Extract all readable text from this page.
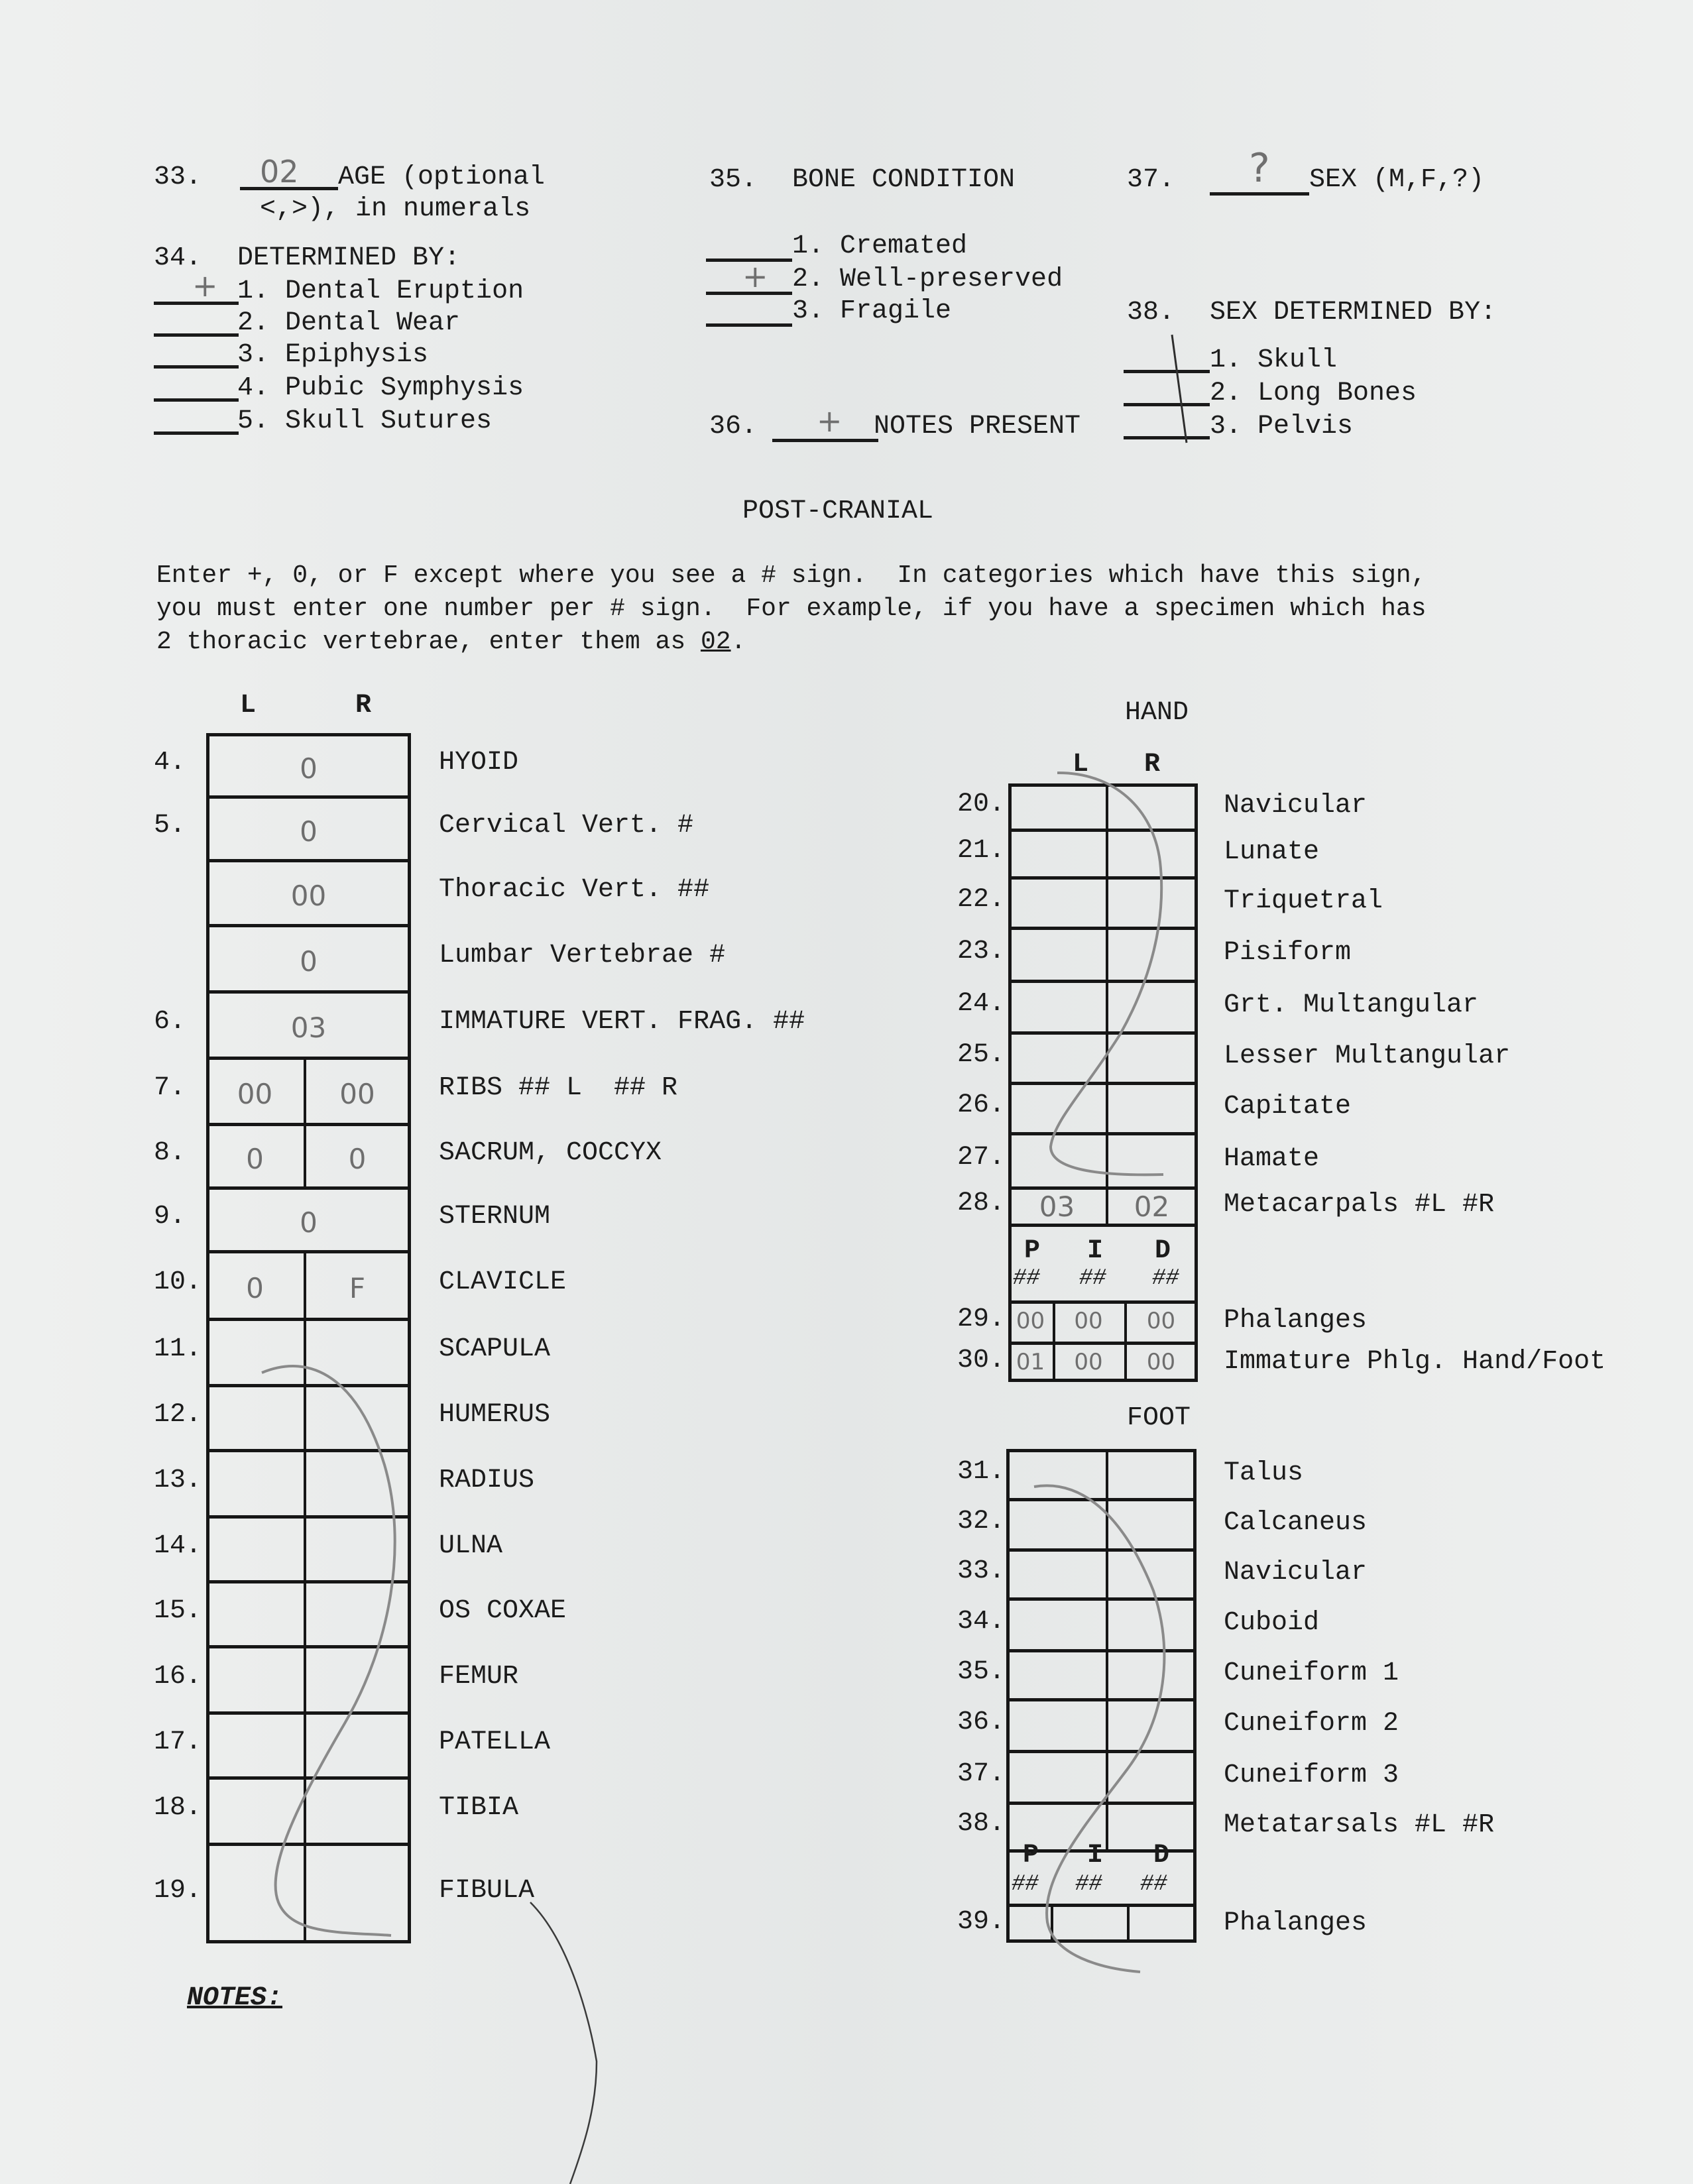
33. 02 AGE (optional
<,>), in numerals
34. DETERMINED BY:
+ 1. Dental Eruption
2. Dental Wear
3. Epiphysis
4. Pubic Symphysis
5. Skull Sutures
35. BONE CONDITION
1. Cremated
+ 2. Well-preserved
3. Fragile
36. + NOTES PRESENT
37. ? SEX (M,F,?)
38. SEX DETERMINED BY:
1. Skull
2. Long Bones
3. Pelvis
POST-CRANIAL
Enter +, 0, or F except where you see a # sign.  In categories which have this sign,
you must enter one number per # sign.  For example, if you have a specimen which has
2 thoracic vertebrae, enter them as 02.
L	R
4.	HYOID
0
5.	Cervical Vert. #
0
Thoracic Vert. ##
00
Lumbar Vertebrae #
0
6.	IMMATURE VERT. FRAG. ##
03
7.	RIBS ## L  ## R
00	00
8.	SACRUM, COCCYX
0	0
9.	STERNUM
0
10.	CLAVICLE
0	F
11.	SCAPULA
12.	HUMERUS
13.	RADIUS
14.	ULNA
15.	OS COXAE
16.	FEMUR
17.	PATELLA
18.	TIBIA
19.	FIBULA
NOTES:
HAND
L R
20.	Navicular
21.	Lunate
22.	Triquetral
23.	Pisiform
24.	Grt. Multangular
25.	Lesser Multangular
26.	Capitate
27.	Hamate
28.	Metacarpals #L #R
03	02
P I D
## ## ##
29.	Phalanges
00	00	00
30.	Immature Phlg. Hand/Foot
01	00	00
FOOT
31.	Talus
32.	Calcaneus
33.	Navicular
34.	Cuboid
35.	Cuneiform 1
36.	Cuneiform 2
37.	Cuneiform 3
38.	Metatarsals #L #R
P I D
## ## ##
39.	Phalanges
